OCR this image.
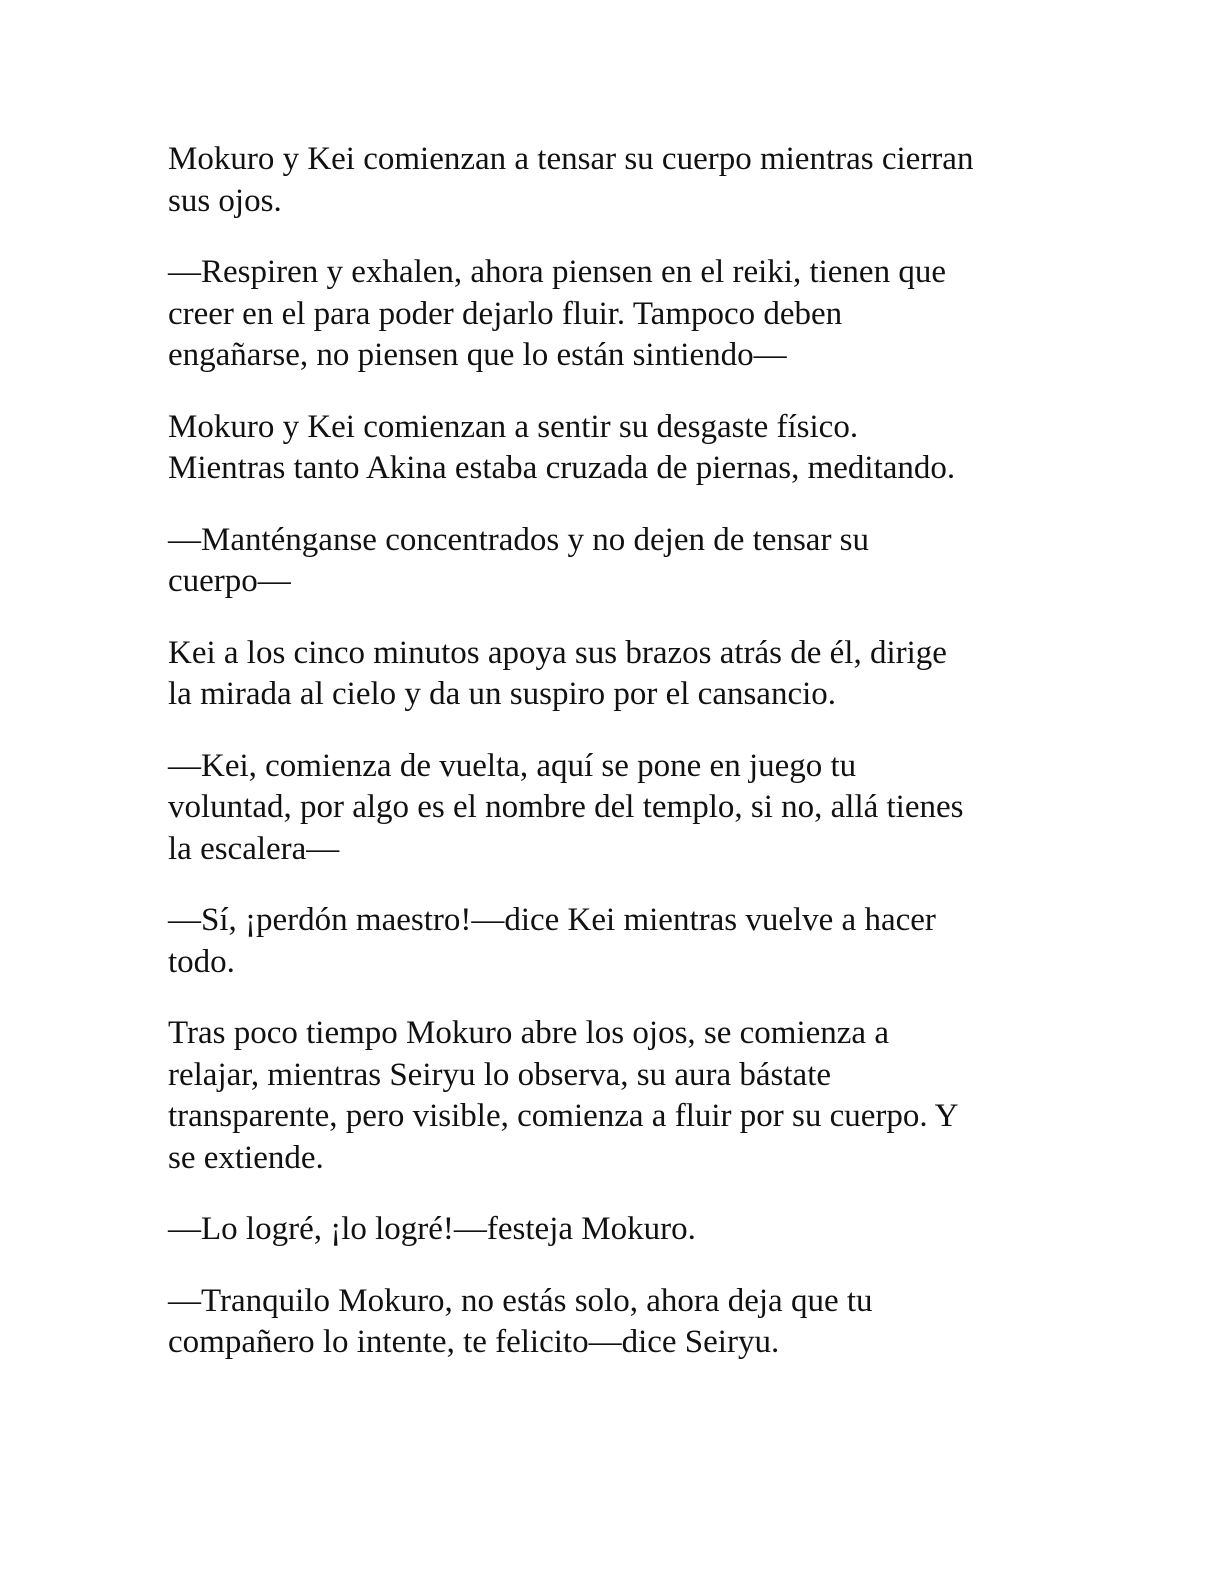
Mokuro y Kei comienzan a tensar su cuerpo mientras cierran
sus ojos.

—Respiren y exhalen, ahora piensen en el reiki, tienen que
creer en el para poder dejarlo fluir. Tampoco deben
engañarse, no piensen que lo están sintiendo—

Mokuro y Kei comienzan a sentir su desgaste físico.
Mientras tanto Akina estaba cruzada de piernas, meditando.

—Manténganse concentrados y no dejen de tensar su
cuerpo—

Kei a los cinco minutos apoya sus brazos atrás de él, dirige
la mirada al cielo y da un suspiro por el cansancio.

—Kei, comienza de vuelta, aquí se pone en juego tu
voluntad, por algo es el nombre del templo, si no, allá tienes
la escalera—

—Sí, ¡perdón maestro!—dice Kei mientras vuelve a hacer
todo.

Tras poco tiempo Mokuro abre los ojos, se comienza a
relajar, mientras Seiryu lo observa, su aura bástate
transparente, pero visible, comienza a fluir por su cuerpo. Y
se extiende.

—Lo logré, ¡lo logré!—festeja Mokuro.

—Tranquilo Mokuro, no estás solo, ahora deja que tu
compañero lo intente, te felicito—dice Seiryu.
